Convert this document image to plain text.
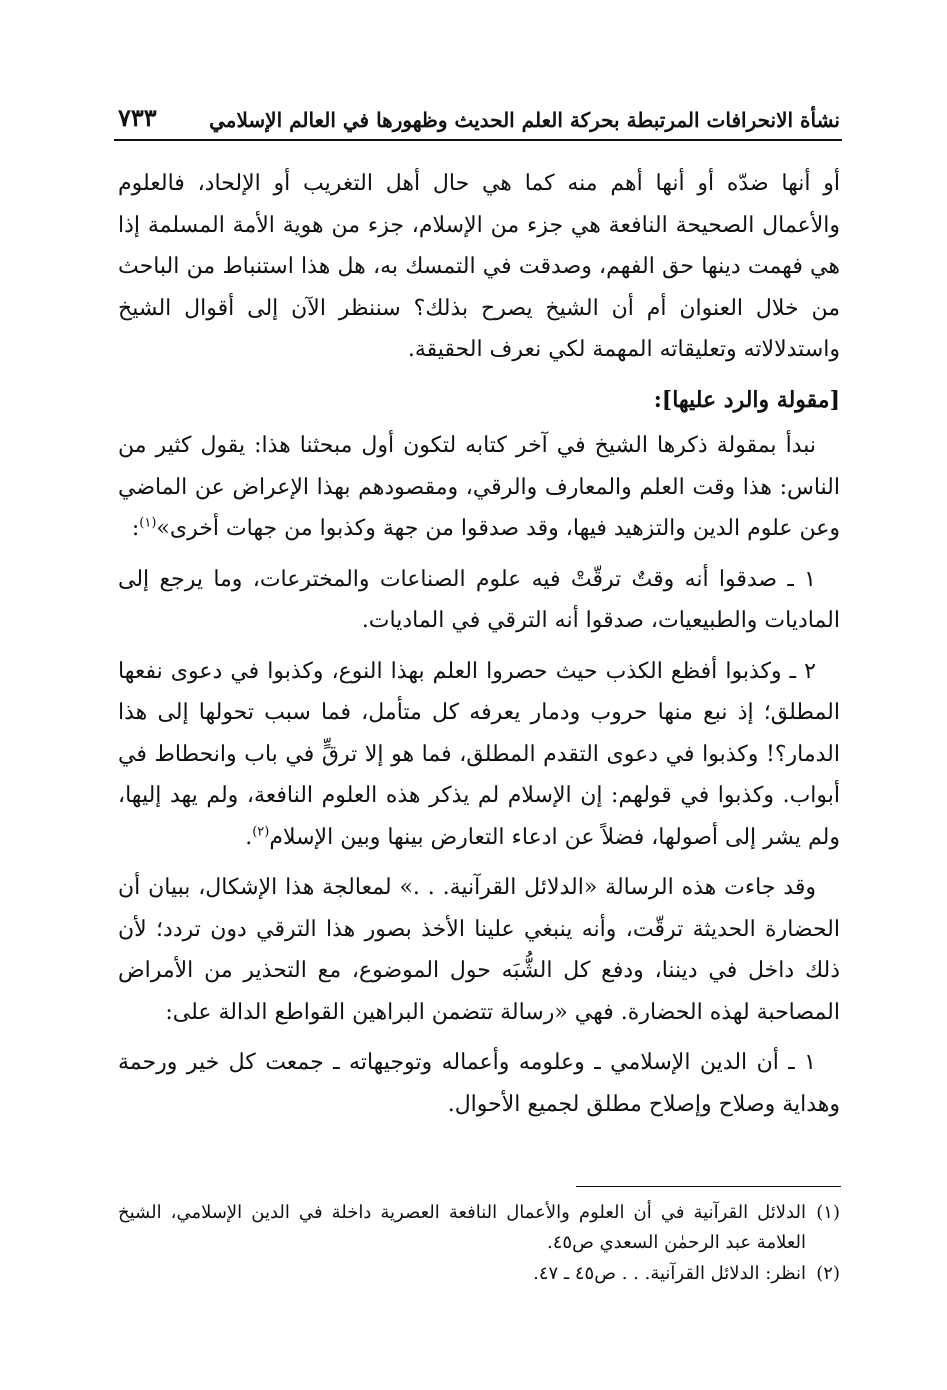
نشأة الانحرافات المرتبطة بحركة العلم الحديث وظهورها في العالم الإسلامي
٧٣٣

أو أنها ضدّه أو أنها أهم منه كما هي حال أهل التغريب أو الإلحاد، فالعلوم والأعمال الصحيحة النافعة هي جزء من الإسلام، جزء من هوية الأمة المسلمة إذا هي فهمت دينها حق الفهم، وصدقت في التمسك به، هل هذا استنباط من الباحث من خلال العنوان أم أن الشيخ يصرح بذلك؟ سننظر الآن إلى أقوال الشيخ واستدلالاته وتعليقاته المهمة لكي نعرف الحقيقة.

[مقولة والرد عليها]:

نبدأ بمقولة ذكرها الشيخ في آخر كتابه لتكون أول مبحثنا هذا: يقول كثير من الناس: هذا وقت العلم والمعارف والرقي، ومقصودهم بهذا الإعراض عن الماضي وعن علوم الدين والتزهيد فيها، وقد صدقوا من جهة وكذبوا من جهات أخرى»$^{(١)}$:

١ ـ صدقوا أنه وقتٌ ترقّتْ فيه علوم الصناعات والمخترعات، وما يرجع إلى الماديات والطبيعيات، صدقوا أنه الترقي في الماديات.

٢ ـ وكذبوا أفظع الكذب حيث حصروا العلم بهذا النوع، وكذبوا في دعوى نفعها المطلق؛ إذ نبع منها حروب ودمار يعرفه كل متأمل، فما سبب تحولها إلى هذا الدمار؟! وكذبوا في دعوى التقدم المطلق، فما هو إلا ترقٍّ في باب وانحطاط في أبواب. وكذبوا في قولهم: إن الإسلام لم يذكر هذه العلوم النافعة، ولم يهد إليها، ولم يشر إلى أصولها، فضلاً عن ادعاء التعارض بينها وبين الإسلام$^{(٢)}$.

وقد جاءت هذه الرسالة «الدلائل القرآنية. . .» لمعالجة هذا الإشكال، ببيان أن الحضارة الحديثة ترقّت، وأنه ينبغي علينا الأخذ بصور هذا الترقي دون تردد؛ لأن ذلك داخل في ديننا، ودفع كل الشُّبَه حول الموضوع، مع التحذير من الأمراض المصاحبة لهذه الحضارة. فهي «رسالة تتضمن البراهين القواطع الدالة على:

١ ـ أن الدين الإسلامي ـ وعلومه وأعماله وتوجيهاته ـ جمعت كل خير ورحمة وهداية وصلاح وإصلاح مطلق لجميع الأحوال.

(١)
الدلائل القرآنية في أن العلوم والأعمال النافعة العصرية داخلة في الدين الإسلامي، الشيخ العلامة عبد الرحمٰن السعدي ص٤٥.
(٢)
انظر: الدلائل القرآنية. . . ص٤٥ ـ ٤٧.
